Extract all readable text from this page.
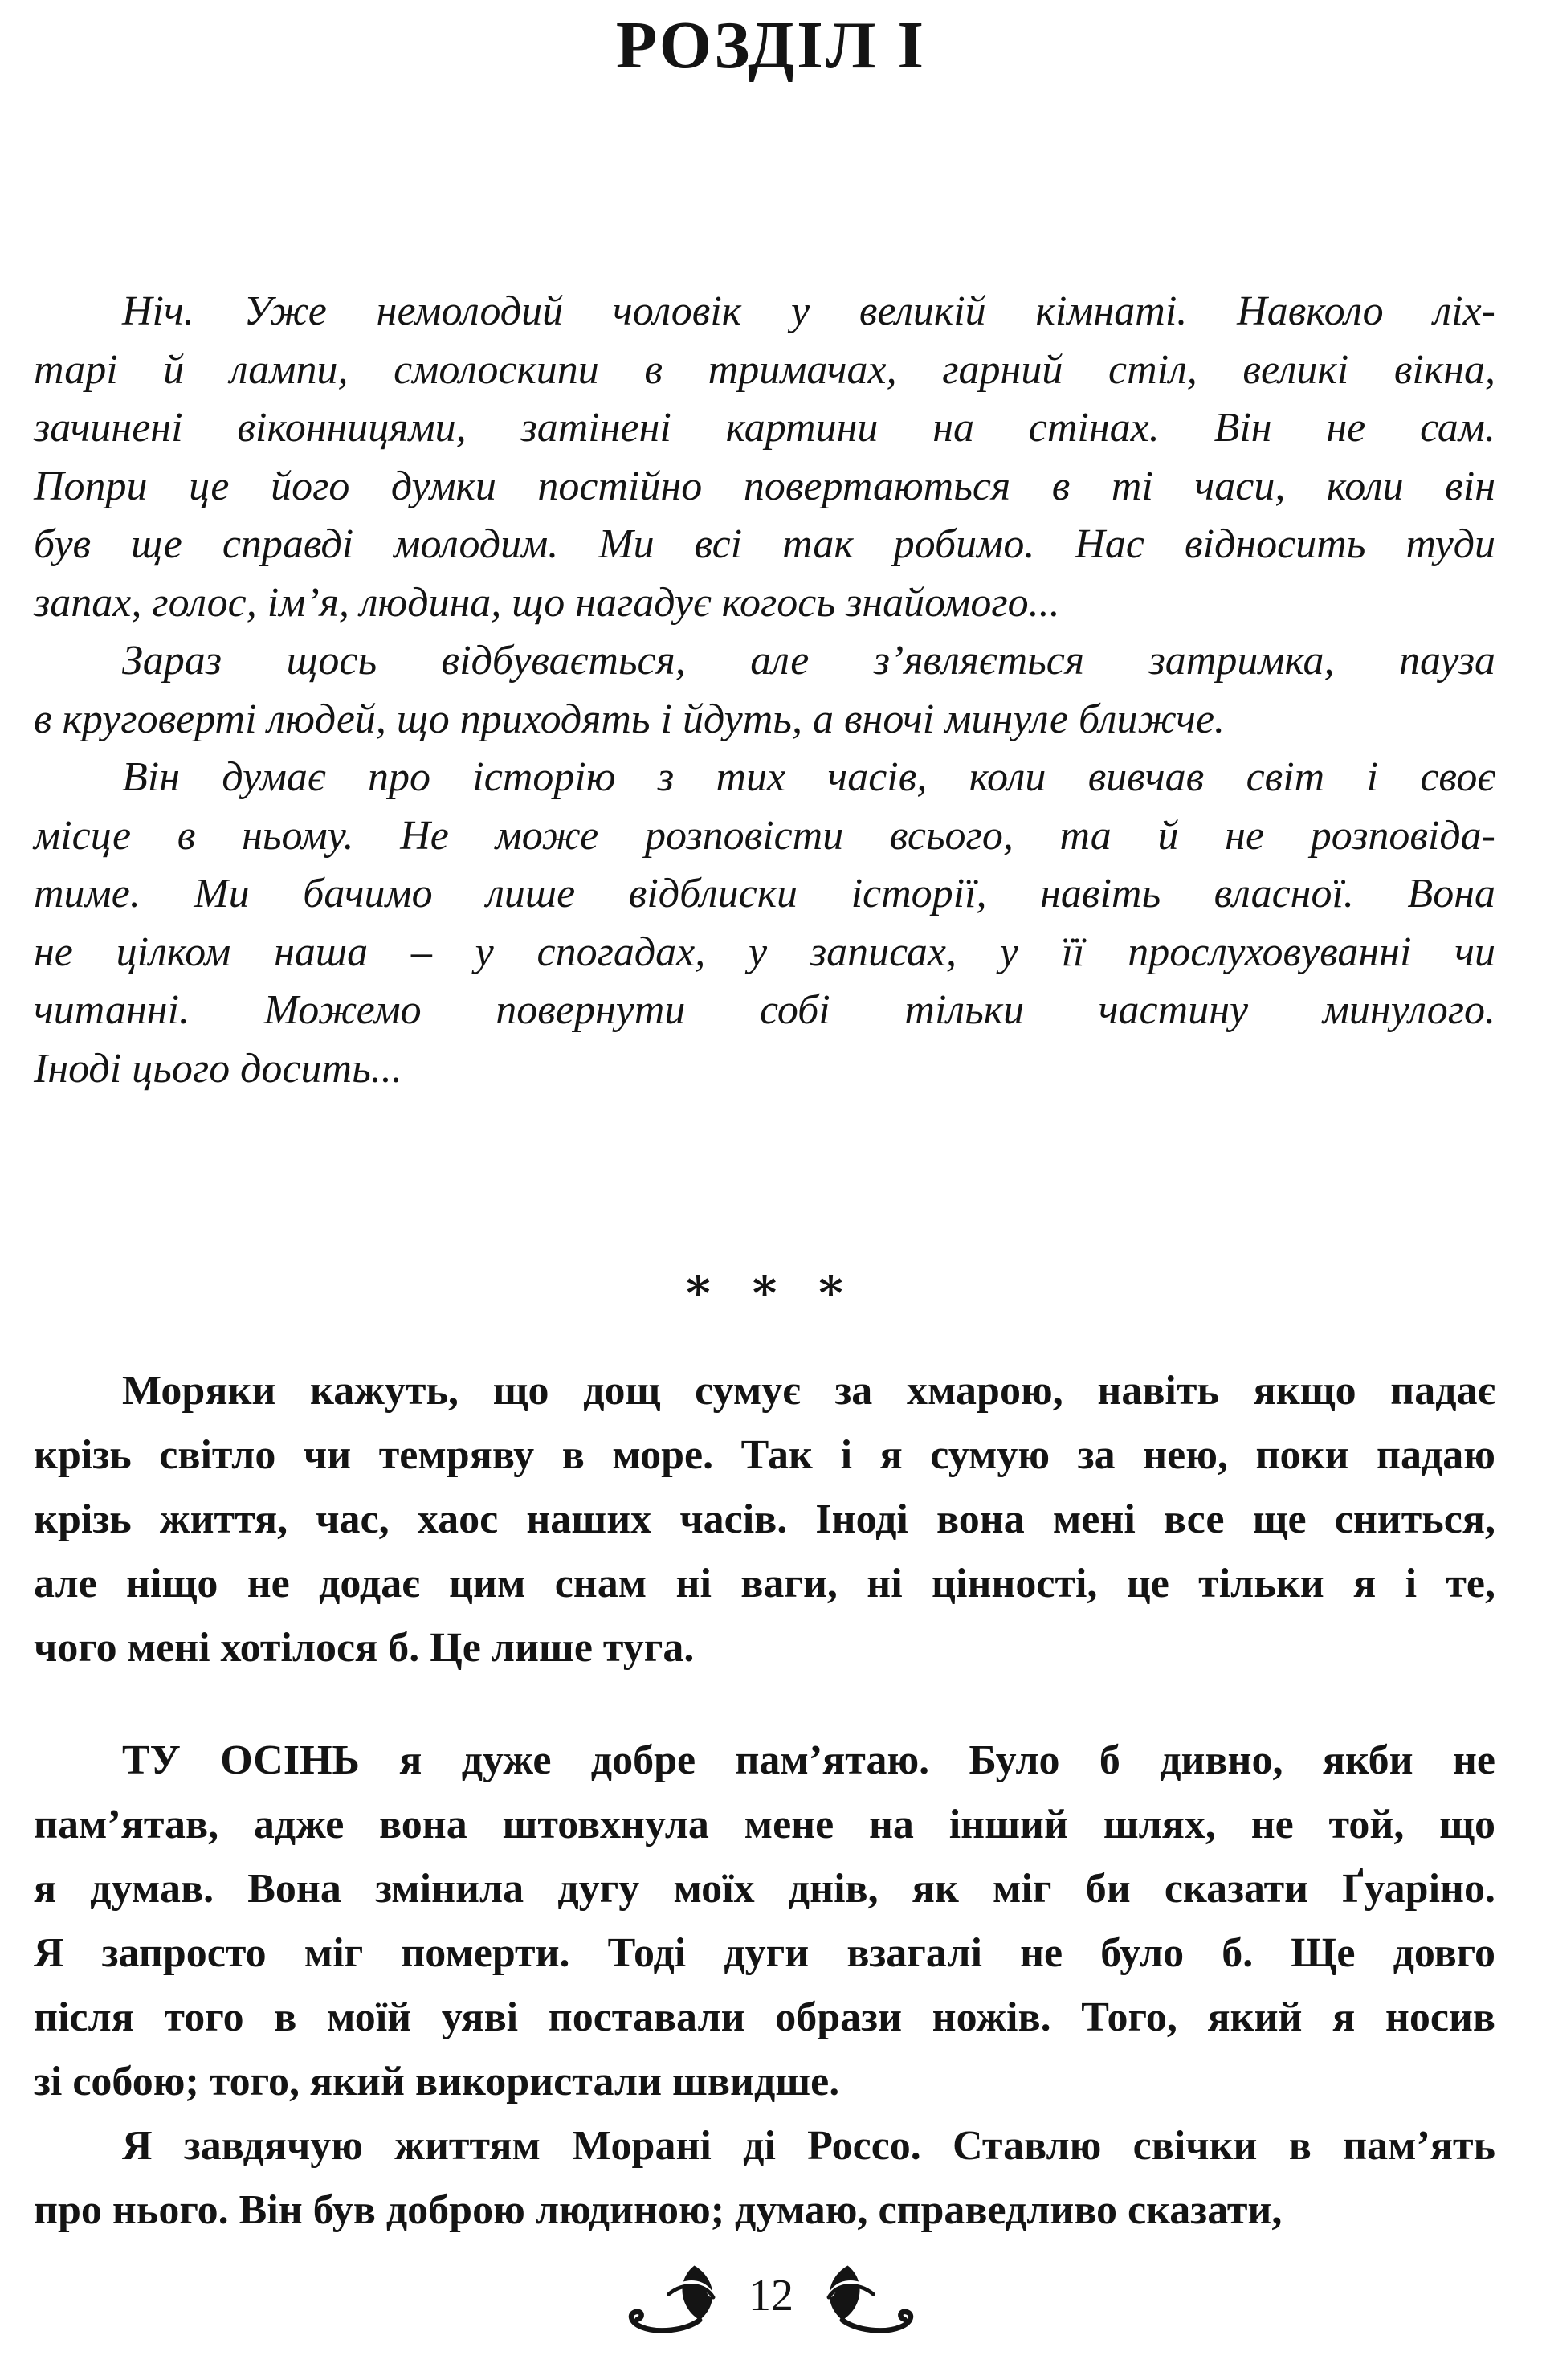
РОЗДІЛ І
Ніч. Уже немолодий чоловік у великій кімнаті. Навколо ліх-
тарі й лампи, смолоскипи в тримачах, гарний стіл, великі вікна,
зачинені віконницями, затінені картини на стінах. Він не сам.
Попри це його думки постійно повертаються в ті часи, коли він
був ще справді молодим. Ми всі так робимо. Нас відносить туди
запах, голос, ім’я, людина, що нагадує когось знайомого...
Зараз щось відбувається, але з’являється затримка, пауза
в круговерті людей, що приходять і йдуть, а вночі минуле ближче.
Він думає про історію з тих часів, коли вивчав світ і своє
місце в ньому. Не може розповісти всього, та й не розповіда-
тиме. Ми бачимо лише відблиски історії, навіть власної. Вона
не цілком наша – у спогадах, у записах, у її прослуховуванні чи
читанні. Можемо повернути собі тільки частину минулого.
Іноді цього досить...
* * *
Моряки кажуть, що дощ сумує за хмарою, навіть якщо падає
крізь світло чи темряву в море. Так і я сумую за нею, поки падаю
крізь життя, час, хаос наших часів. Іноді вона мені все ще сниться,
але ніщо не додає цим снам ні ваги, ні цінності, це тільки я і те,
чого мені хотілося б. Це лише туга.
ТУ ОСІНЬ я дуже добре пам’ятаю. Було б дивно, якби не
пам’ятав, адже вона штовхнула мене на інший шлях, не той, що
я думав. Вона змінила дугу моїх днів, як міг би сказати Ґуаріно.
Я запросто міг померти. Тоді дуги взагалі не було б. Ще довго
після того в моїй уяві поставали образи ножів. Того, який я носив
зі собою; того, який використали швидше.
Я завдячую життям Морані ді Россо. Ставлю свічки в пам’ять
про нього. Він був доброю людиною; думаю, справедливо сказати,
12
